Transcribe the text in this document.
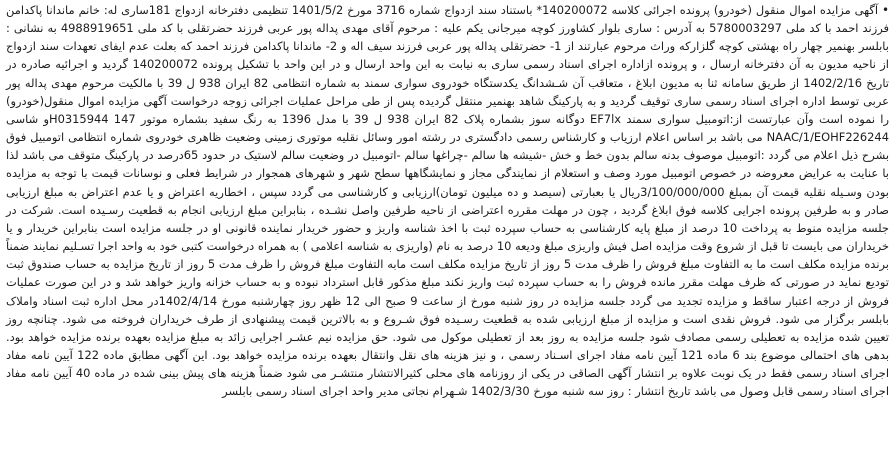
• آگهی مزایده اموال منقول (خودرو) پرونده اجرائی کلاسه 140200072* باستناد سند ازدواج شماره 3716 مورخ 1401/5/2 تنظیمی دفترخانه ازدواج 181ساری له: خانم ماندانا پاکدامن فرزند احمد با کد ملی 5780003297 به آدرس : ساری بلوار کشاورز کوچه میرجانی یکم علیه : مرحوم آقای مهدی پداله پور عربی فرزند حضرتقلی با کد ملی 4988919651 به نشانی : بابلسر بهنمیر چهار راه بهشتی کوچه گلزارکه وراث مرحوم عبارتند از 1- حضرتقلی پداله پور عربی فرزند سیف اله و 2- ماندانا پاکدامن فرزند احمد که بعلت عدم ایفای تعهدات سند ازدواج از ناحیه مدیون به آن دفترخانه ارسال ، و پرونده ازاداره اجرای اسناد رسمی ساری به نیابت به این واحد ارسال و در این واحد با تشکیل پرونده 140200072 گردید و اجرائیه صادره در تاریخ 1402/2/16 از طریق سامانه ثنا به مدیون ابلاغ ، متعاقب آن شـشدانگ یکدستگاه خودروی سواری سمند به شماره انتظامی 82 ایران 938 ل 39 با مالکیت مرحوم مهدی پداله پور عربی توسط اداره اجرای اسناد رسمی ساری توقیف گردید و به پارکینگ شاهد بهنمیر منتقل گردیده پس از طی مراحل عملیات اجرائی زوجه درخواست آگهی مزایده اموال منقول(خودرو) را نموده است وآن عبارتست از:اتومبیل سواری سمند EF7lx دوگانه سوز بشماره پلاک 82 ایران 938 ل 39 با مدل 1396 به رنگ سفید بشماره موتور 147 H0315944و شاسی NAAC/1/EOHF226244 می باشد بر اساس اعلام ارزیاب و کارشناس رسمی دادگستری در رشته امور وسائل نقلیه موتوری زمینی وضعیت ظاهری خودروی شماره انتظامی اتومبیل فوق بشرح ذیل اعلام می گردد :اتومبیل موصوف بدنه سالم بدون خط و خش -شیشه ها سالم -چراغها سالم -اتومبیل در وضعیت سالم لاستیک در حدود 65درصد در پارکینگ متوقف می باشد لذا با عنایت به عرایض معروضه در خصوص اتومبیل مورد وصف و استعلام از نمایندگی مجاز و نمایشگاهها سطح شهر و شهرهای همجوار در شرایط فعلی و نوسانات قیمت با توجه به مزایده بودن وسـیله نقلیه قیمت آن بمبلغ 3/100/000/000ریال یا بعبارتی (سیصد و ده میلیون تومان)ارزیابی و کارشناسی می گردد سپس ، اخطاریه اعتراض و یا عدم اعتراض به مبلغ ارزیابی صادر و به طرفین پرونده اجرایی کلاسه فوق ابلاغ گردید ، چون در مهلت مقرره اعتراضی از ناحیه طرفین واصل نشـده ، بنابراین مبلغ ارزیابی انجام به قطعیت رسـیده است. شرکت در جلسه مزایده منوط به پرداخت 10 درصد از مبلغ پایه کارشناسی به حساب سپرده ثبت با اخذ شناسه واریز و حضور خریدار نماینده قانونی او در جلسه مزایده است بنابراین خریدار و یا خریداران می بایست تا قبل از شروع وقت مزایده اصل فیش واریزی مبلغ ودیعه 10 درصد به نام (واریزی به شناسه اعلامی ) به همراه درخواست کتبی خود به واحد اجرا تسـلیم نمایند ضمناً برنده مزایده مکلف است ما به التفاوت مبلغ فروش را ظرف مدت 5 روز از تاریخ مزایده مکلف است مابه التفاوت مبلغ فروش را ظرف مدت 5 روز از تاریخ مزایده به حساب صندوق ثبت تودیع نماید در صورتی که ظرف مهلت مقرر مانده فروش را به حساب سپرده ثبت واریز نکند مبلغ مذکور قابل استرداد نبوده و به حساب خزانه واریز خواهد شد و در این صورت عملیات فروش از درجه اعتبار ساقط و مزایده تجدید می گردد جلسه مزایده در روز شنبه مورخ از ساعت 9 صبح الی 12 ظهر روز چهارشنبه مورخ 1402/4/14در محل اداره ثبت اسناد واملاک بابلسر برگزار می شود. فروش نقدی است و مزایده از مبلغ ارزیابی شده به قطعیت رسـیده فوق شـروع و به بالاترین قیمت پیشنهادی از طرف خریداران فروخته می شود. چنانچه روز تعیین شده مزایده به تعطیلی رسمی مصادف شود جلسه مزایده به روز بعد از تعطیلی موکول می شود. حق مزایده نیم عشـر اجرایی زائد به مبلغ مزایده بعهده برنده مزایده خواهد بود. بدهی های احتمالی موضوع بند 6 ماده 121 آیین نامه مفاد اجرای اسـناد رسمی ، و نیز هزینه های نقل وانتقال بعهده برنده مزایده خواهد بود. این آگهی مطابق ماده 122 آیین نامه مفاد اجرای اسناد رسمی فقط در یک نوبت علاوه بر انتشار آگهی الصاقی در یکی از روزنامه های محلی کثیرالانتشار منتشـر می شود ضمناً هزینه های پیش بینی شده در ماده 40 آیین نامه مفاد اجرای اسناد رسمی قابل وصول می باشد تاریخ انتشار : روز سه شنبه مورخ 1402/3/30 شـهرام نجاتی مدیر واحد اجرای اسناد رسمی بابلسر
